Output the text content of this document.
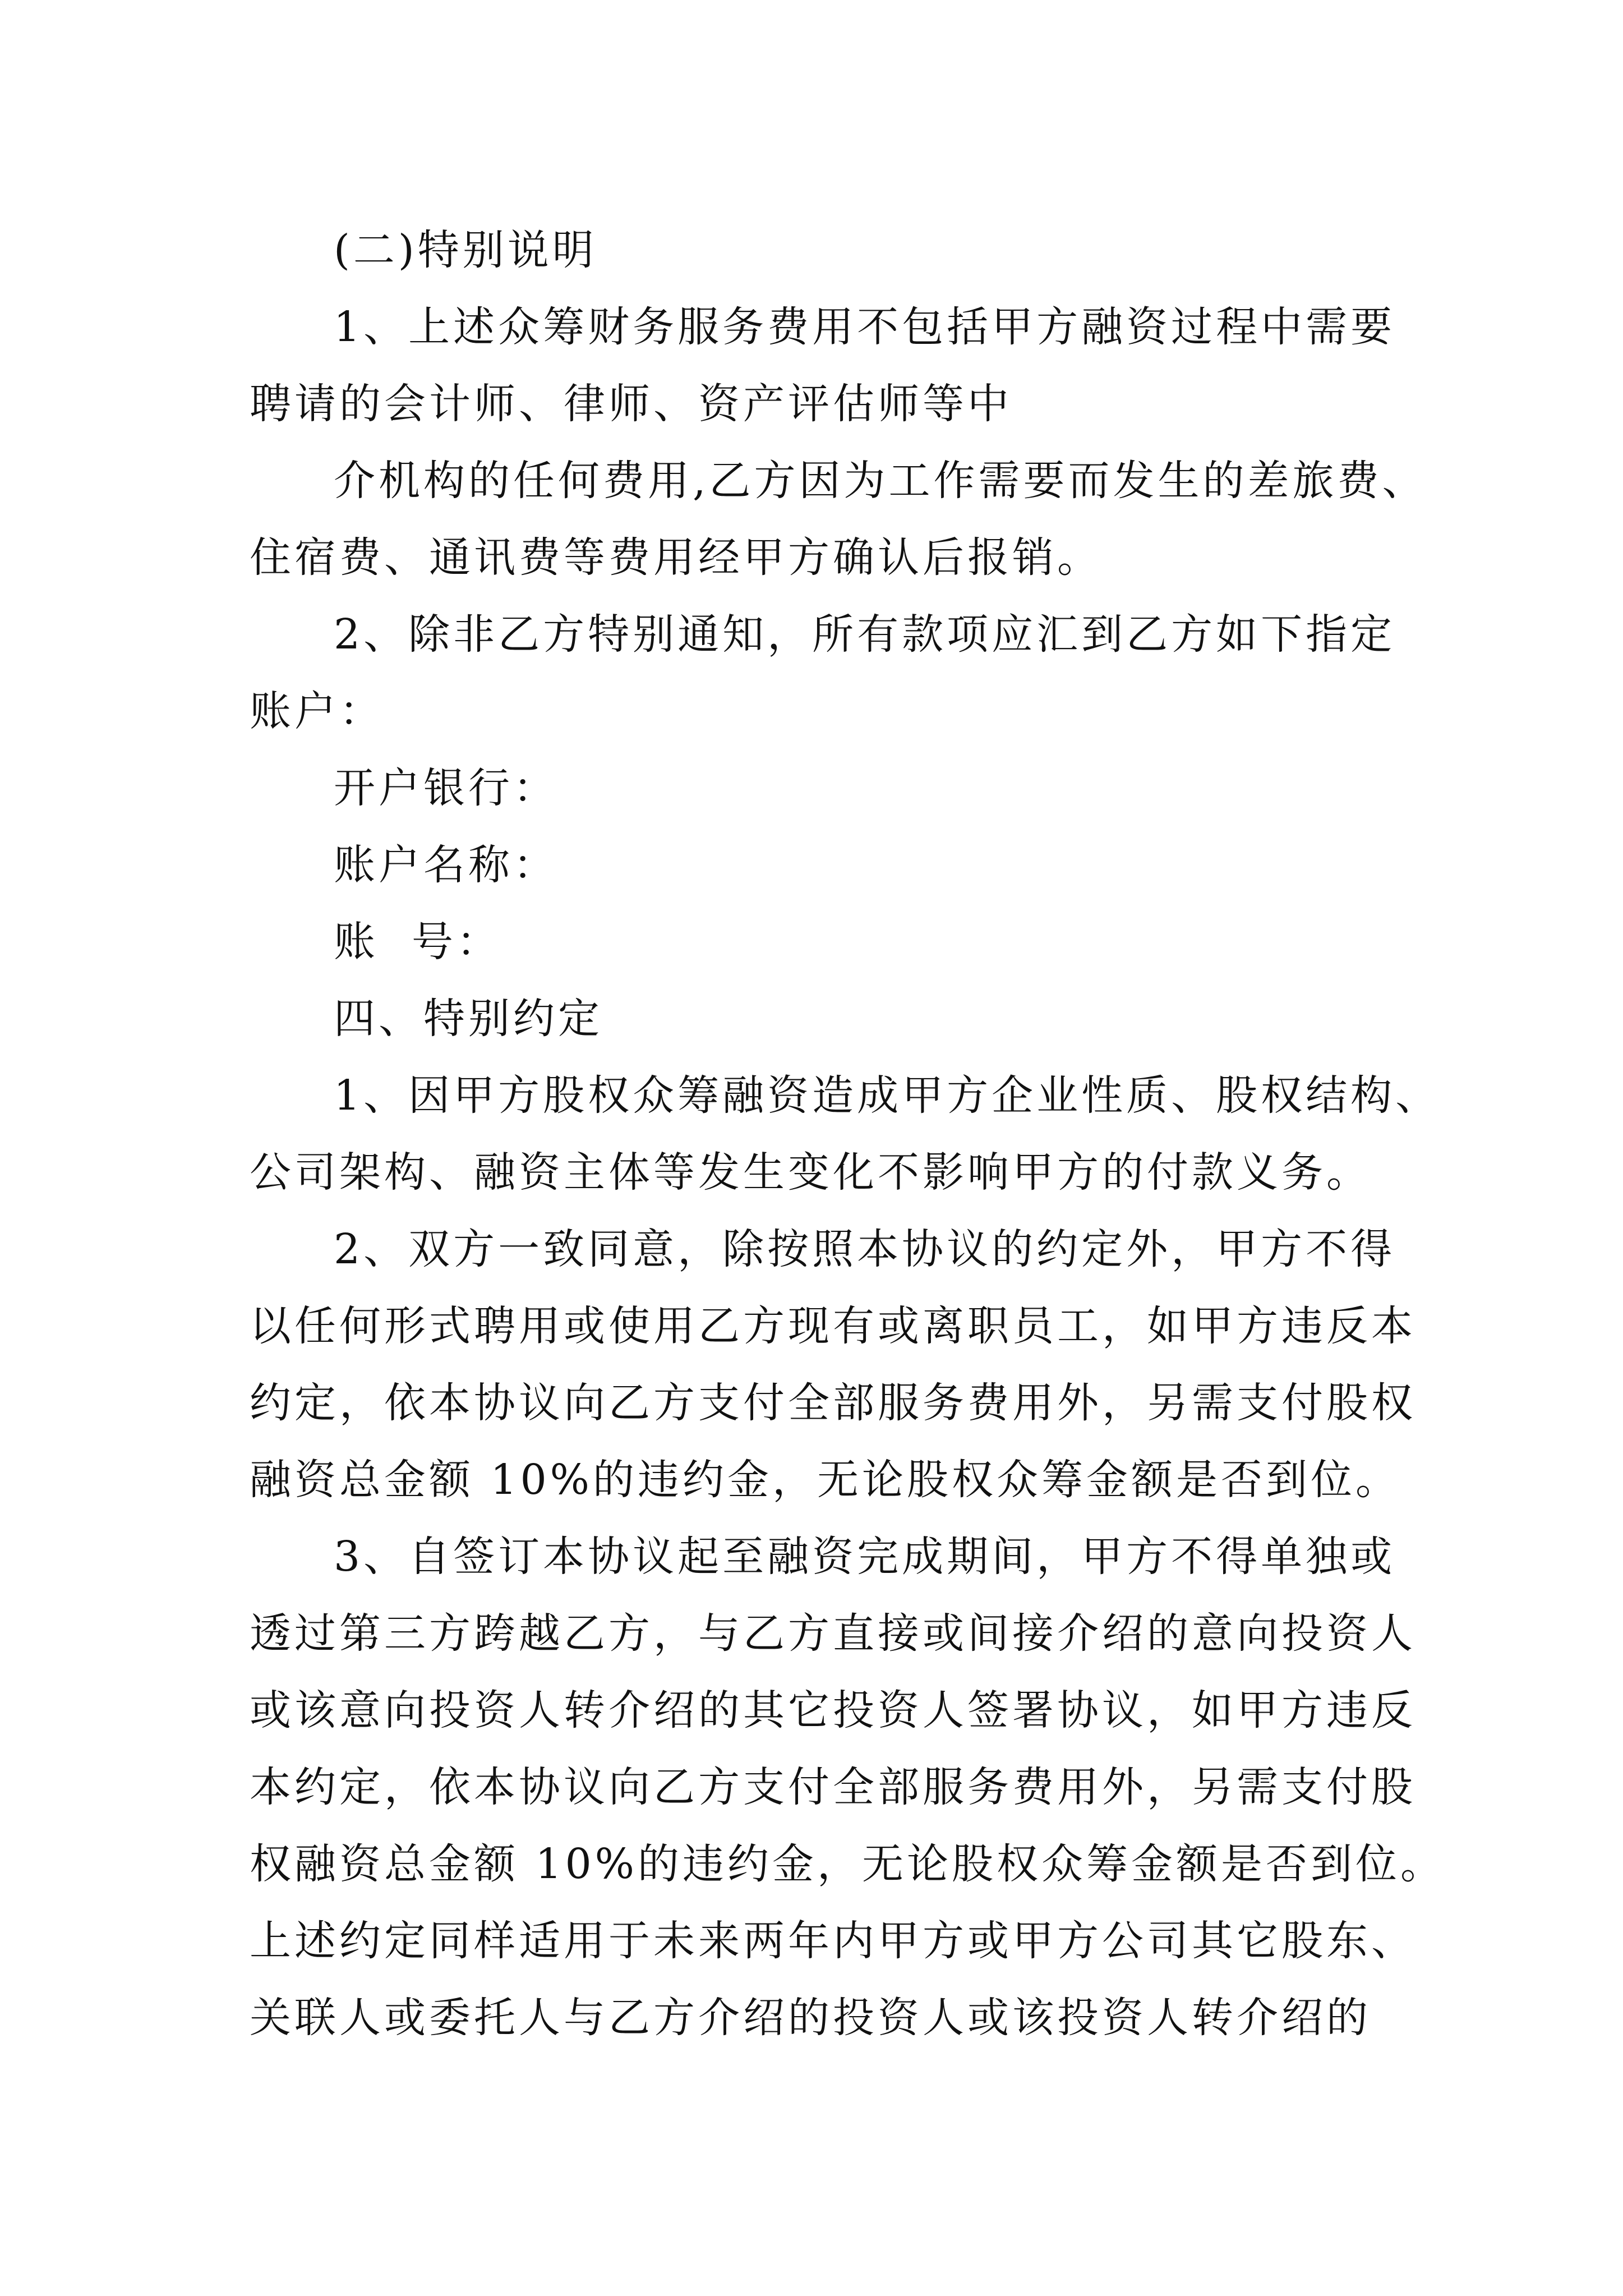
(二)特别说明
1、上述众筹财务服务费用不包括甲方融资过程中需要
聘请的会计师、律师、资产评估师等中
介机构的任何费用,乙方因为工作需要而发生的差旅费、
住宿费、通讯费等费用经甲方确认后报销。
2、除非乙方特别通知，所有款项应汇到乙方如下指定
账户：
开户银行：
账户名称：
账  号：
四、特别约定
1、因甲方股权众筹融资造成甲方企业性质、股权结构、
公司架构、融资主体等发生变化不影响甲方的付款义务。
2、双方一致同意，除按照本协议的约定外，甲方不得
以任何形式聘用或使用乙方现有或离职员工，如甲方违反本
约定，依本协议向乙方支付全部服务费用外，另需支付股权
融资总金额 10%的违约金，无论股权众筹金额是否到位。
3、自签订本协议起至融资完成期间，甲方不得单独或
透过第三方跨越乙方，与乙方直接或间接介绍的意向投资人
或该意向投资人转介绍的其它投资人签署协议，如甲方违反
本约定，依本协议向乙方支付全部服务费用外，另需支付股
权融资总金额 10%的违约金，无论股权众筹金额是否到位。
上述约定同样适用于未来两年内甲方或甲方公司其它股东、
关联人或委托人与乙方介绍的投资人或该投资人转介绍的
